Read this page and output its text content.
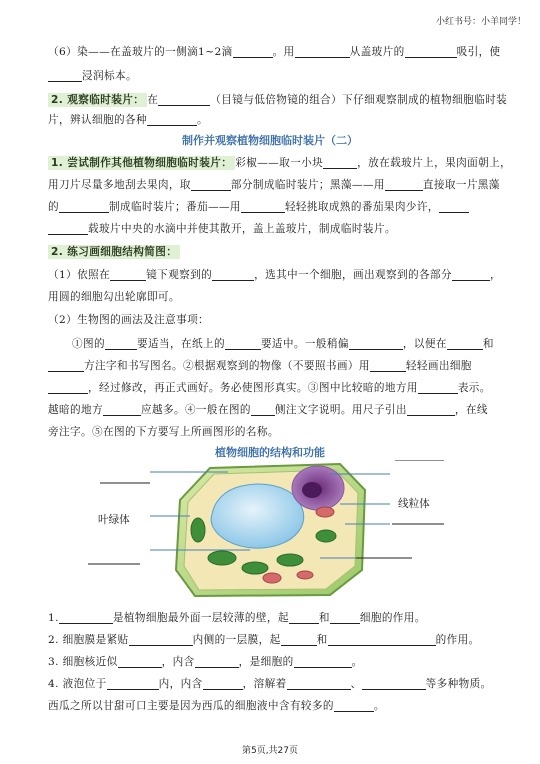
小红书号：小羊同学！
（6）染——在盖玻片的一侧滴1~2滴	。用	从盖玻片的	吸引，使
浸润标本。
2. 观察临时装片： 在	（目镜与低倍物镜的组合）下仔细观察制成的植物细胞临时装
片，辨认细胞的各种	。
制作并观察植物细胞临时装片（二）
1. 尝试制作其他植物细胞临时装片： 彩椒——取一小块	，放在载玻片上，果肉面朝上，
用刀片尽量多地刮去果肉，取	部分制成临时装片；黑藻——用	直接取一片黑藻
的	制成临时装片；番茄——用	轻轻挑取成熟的番茄果肉少许，
载玻片中央的水滴中并使其散开，盖上盖玻片，制成临时装片。
2. 练习画细胞结构简图：
（1）依照在	镜下观察到的	，选其中一个细胞，画出观察到的各部分	，
用圆的细胞勾出轮廓即可。
（2）生物图的画法及注意事项：
①图的	要适当，在纸上的	要适中。一般稍偏	，以便在	和
方注字和书写图名。②根据观察到的物像（不要照书画）用	轻轻画出细胞
，经过修改，再正式画好。务必使图形真实。③图中比较暗的地方用	表示。
越暗的地方	应越多。④一般在图的 侧注文字说明。用尺子引出	，在线
旁注字。⑤在图的下方要写上所画图形的名称。
植物细胞的结构和功能
线粒体
叶绿体
1.	是植物细胞最外面一层较薄的壁，起	和	细胞的作用。
2. 细胞膜是紧贴	内侧的一层膜，起	和	的作用。
3. 细胞核近似	，内含	，是细胞的	。
4. 液泡位于	内，内含	，溶解着	、	等多种物质。
西瓜之所以甘甜可口主要是因为西瓜的细胞液中含有较多的	。
第5页,共27页
